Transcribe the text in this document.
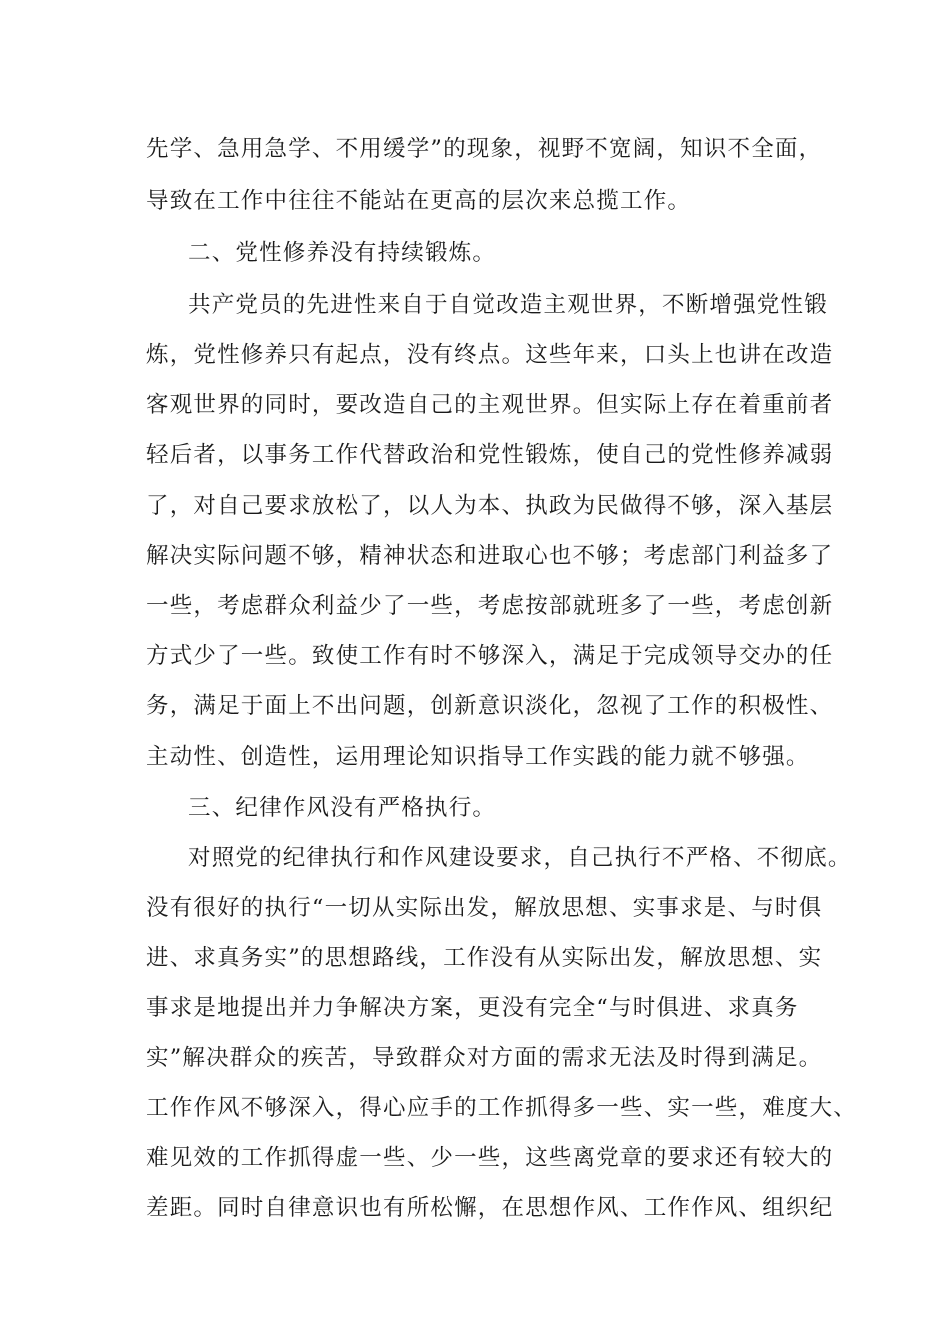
先学、急用急学、不用缓学”的现象，视野不宽阔，知识不全面，
导致在工作中往往不能站在更高的层次来总揽工作。
二、党性修养没有持续锻炼。
共产党员的先进性来自于自觉改造主观世界，不断增强党性锻
炼，党性修养只有起点，没有终点。这些年来，口头上也讲在改造
客观世界的同时，要改造自己的主观世界。但实际上存在着重前者
轻后者，以事务工作代替政治和党性锻炼，使自己的党性修养减弱
了，对自己要求放松了，以人为本、执政为民做得不够，深入基层
解决实际问题不够，精神状态和进取心也不够；考虑部门利益多了
一些，考虑群众利益少了一些，考虑按部就班多了一些，考虑创新
方式少了一些。致使工作有时不够深入，满足于完成领导交办的任
务，满足于面上不出问题，创新意识淡化，忽视了工作的积极性、
主动性、创造性，运用理论知识指导工作实践的能力就不够强。
三、纪律作风没有严格执行。
对照党的纪律执行和作风建设要求，自己执行不严格、不彻底。
没有很好的执行“一切从实际出发，解放思想、实事求是、与时俱
进、求真务实”的思想路线，工作没有从实际出发，解放思想、实
事求是地提出并力争解决方案，更没有完全“与时俱进、求真务
实”解决群众的疾苦，导致群众对方面的需求无法及时得到满足。
工作作风不够深入，得心应手的工作抓得多一些、实一些，难度大、
难见效的工作抓得虚一些、少一些，这些离党章的要求还有较大的
差距。同时自律意识也有所松懈，在思想作风、工作作风、组织纪
